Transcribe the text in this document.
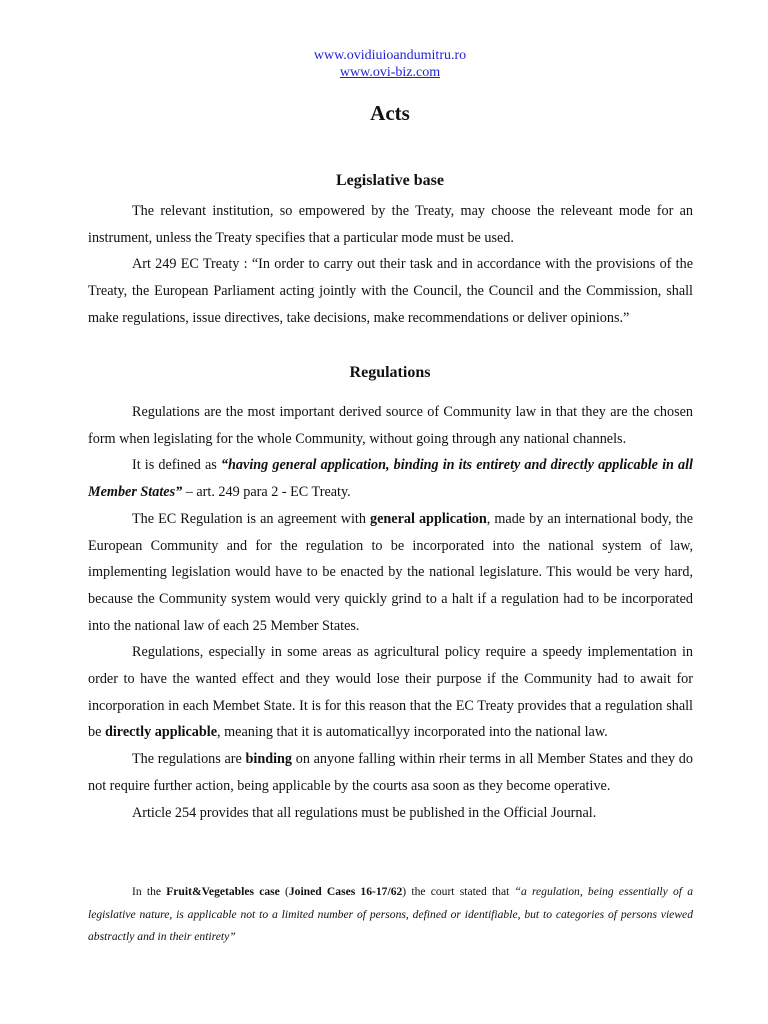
www.ovidiuioandumitru.ro
www.ovi-biz.com
Acts
Legislative base

The relevant institution, so empowered by the Treaty, may choose the releveant mode for an instrument, unless the Treaty specifies that a particular mode must be used.

Art 249 EC Treaty : “In order to carry out their task and in accordance with the provisions of the Treaty, the European Parliament acting jointly with the Council, the Council and the Commission, shall make regulations, issue directives, take decisions, make recommendations or deliver opinions.”

Regulations

Regulations are the most important derived source of Community law in that they are the chosen form when legislating for the whole Community, without going through any national channels.

It is defined as “having general application, binding in its entirety and directly applicable in all Member States” – art. 249 para 2 - EC Treaty.

The EC Regulation is an agreement with general application, made by an international body, the European Community and for the regulation to be incorporated into the national system of law, implementing legislation would have to be enacted by the national legislature. This would be very hard, because the Community system would very quickly grind to a halt if a regulation had to be incorporated into the national law of each 25 Member States.

Regulations, especially in some areas as agricultural policy require a speedy implementation in order to have the wanted effect and they would lose their purpose if the Community had to await for incorporation in each Membet State. It is for this reason that the EC Treaty provides that a regulation shall be directly applicable, meaning that it is automaticallyy incorporated into the national law.

The regulations are binding on anyone falling within rheir terms in all Member States and they do not require further action, being applicable by the courts asa soon as they become operative.

Article 254 provides that all regulations must be published in the Official Journal.

In the Fruit&Vegetables case (Joined Cases 16-17/62) the court stated that “a regulation, being essentially of a legislative nature, is applicable not to a limited number of persons, defined or identifiable, but to categories of persons viewed abstractly and in their entirety”
